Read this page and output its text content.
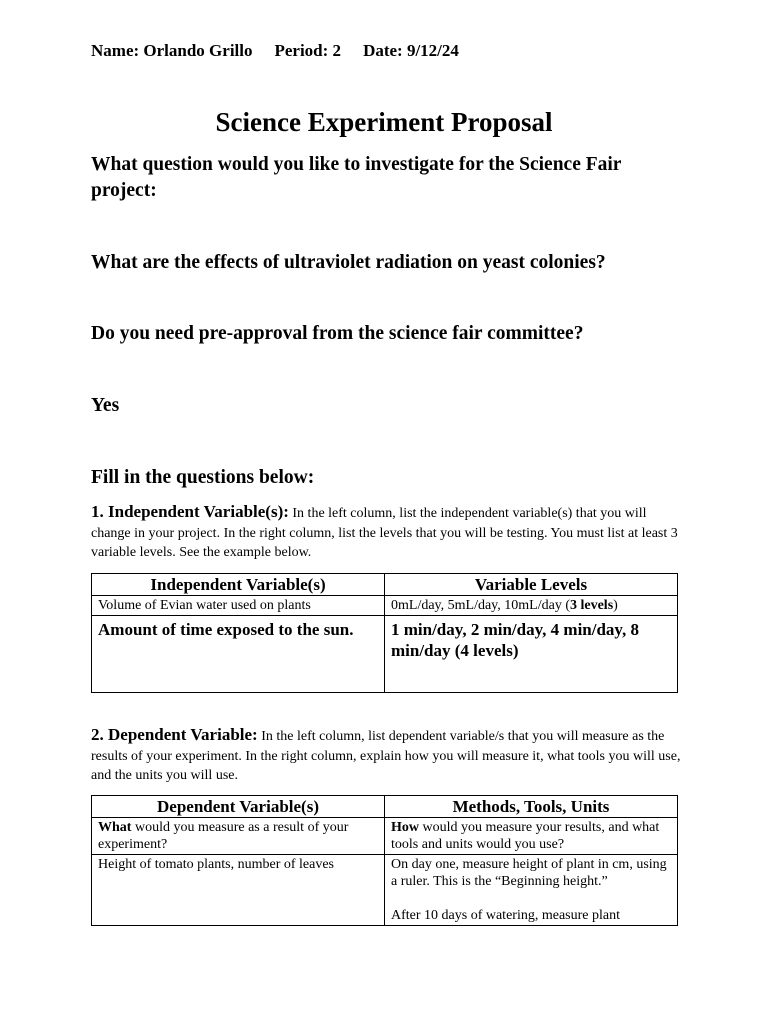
Name: Orlando Grillo Period: 2 Date: 9/12/24
Science Experiment Proposal
What question would you like to investigate for the Science Fair project:
What are the effects of ultraviolet radiation on yeast colonies?
Do you need pre-approval from the science fair committee?
Yes
Fill in the questions below:
1. Independent Variable(s): In the left column, list the independent variable(s) that you will change in your project. In the right column, list the levels that you will be testing. You must list at least 3 variable levels. See the example below.
Independent Variable(s)	Variable Levels
Volume of Evian water used on plants	0mL/day, 5mL/day, 10mL/day (3 levels)
Amount of time exposed to the sun.	1 min/day, 2 min/day, 4 min/day, 8 min/day (4 levels)
2. Dependent Variable: In the left column, list dependent variable/s that you will measure as the results of your experiment. In the right column, explain how you will measure it, what tools you will use, and the units you will use.
Dependent Variable(s)	Methods, Tools, Units
What would you measure as a result of your experiment?	How would you measure your results, and what tools and units would you use?
Height of tomato plants, number of leaves	On day one, measure height of plant in cm, using a ruler. This is the “Beginning height.”
After 10 days of watering, measure plant
